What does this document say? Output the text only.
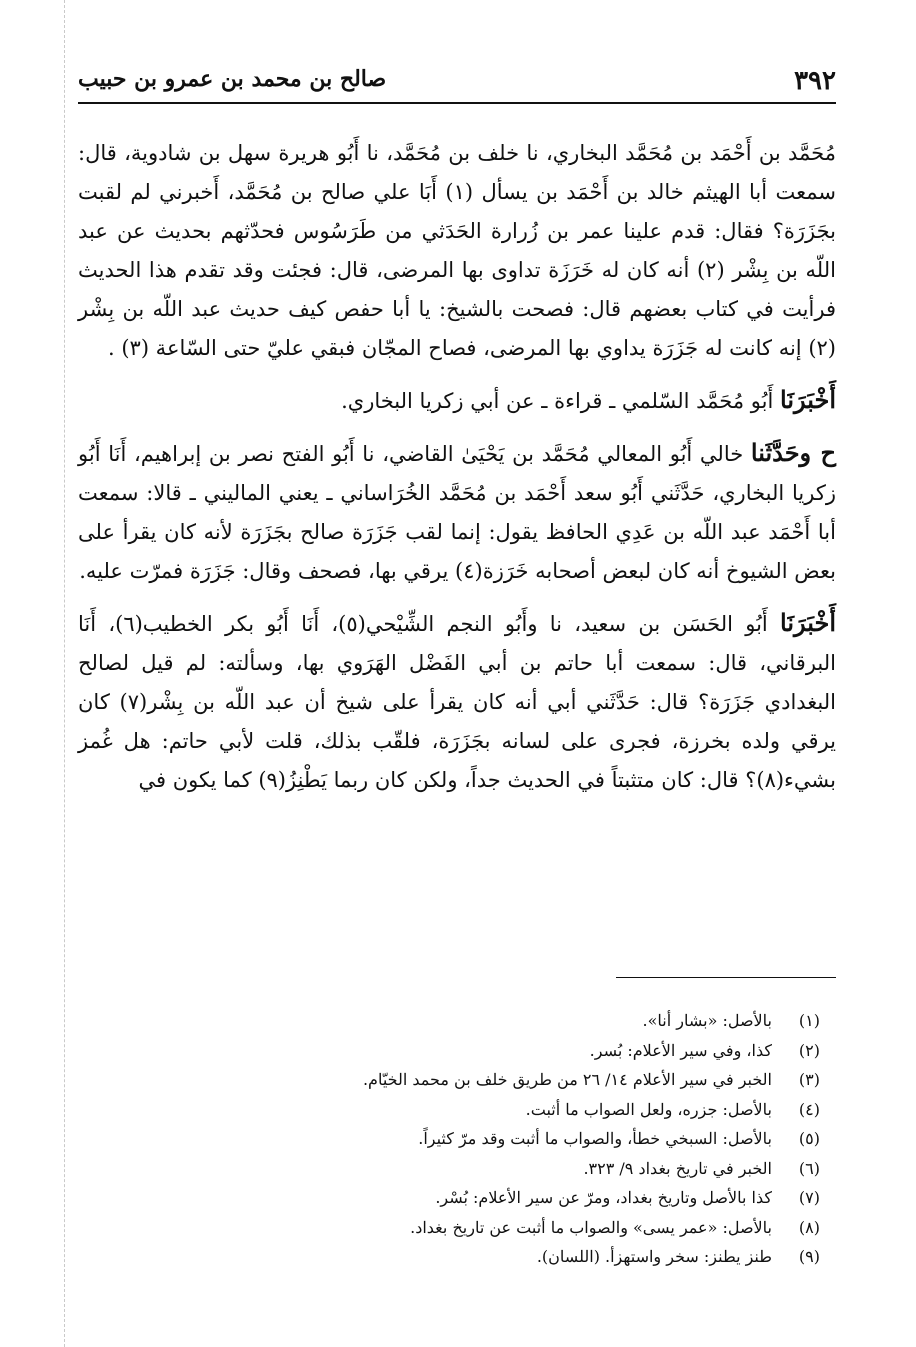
٣٩٢
صالح بن محمد بن عمرو بن حبيب

مُحَمَّد بن أَحْمَد بن مُحَمَّد البخاري، نا خلف بن مُحَمَّد، نا أَبُو هريرة سهل بن شادوية، قال: سمعت أبا الهيثم خالد بن أَحْمَد بن يسأل (١) أَبَا علي صالح بن مُحَمَّد، أَخبرني لم لقبت بجَزَرَة؟ فقال: قدم علينا عمر بن زُرارة الحَدَثي من طَرَسُوس فحدّثهم بحديث عن عبد اللّه بن بِشْر (٢) أنه كان له خَرَزَة تداوى بها المرضى، قال: فجئت وقد تقدم هذا الحديث فرأيت في كتاب بعضهم قال: فصحت بالشيخ: يا أبا حفص كيف حديث عبد اللّه بن بِشْر (٢) إنه كانت له جَزَرَة يداوي بها المرضى، فصاح المجّان فبقي عليّ حتى السّاعة (٣) .

أَخْبَرَنَا أَبُو مُحَمَّد السّلمي ـ قراءة ـ عن أبي زكريا البخاري.

ح وحَدَّثَنا خالي أَبُو المعالي مُحَمَّد بن يَحْيَىٰ القاضي، نا أَبُو الفتح نصر بن إبراهيم، أَنَا أَبُو زكريا البخاري، حَدَّثَني أَبُو سعد أَحْمَد بن مُحَمَّد الخُرَاساني ـ يعني الماليني ـ قالا: سمعت أبا أَحْمَد عبد اللّه بن عَدِي الحافظ يقول: إنما لقب جَزَرَة صالح بجَزَرَة لأنه كان يقرأ على بعض الشيوخ أنه كان لبعض أصحابه خَرَزة(٤) يرقي بها، فصحف وقال: جَزَرَة فمرّت عليه.

أَخْبَرَنَا أَبُو الحَسَن بن سعيد، نا وأَبُو النجم الشِّيْحي(٥)، أَنَا أَبُو بكر الخطيب(٦)، أَنَا البرقاني، قال: سمعت أبا حاتم بن أبي الفَضْل الهَرَوي بها، وسألته: لم قيل لصالح البغدادي جَزَرَة؟ قال: حَدَّثَني أبي أنه كان يقرأ على شيخ أن عبد اللّه بن بِشْر(٧) كان يرقي ولده بخرزة، فجرى على لسانه بجَزَرَة، فلقّب بذلك، قلت لأبي حاتم: هل غُمز بشيء(٨)؟ قال: كان متثبتاً في الحديث جداً، ولكن كان ربما يَطْنِزُ(٩) كما يكون في

(١)
بالأصل: «بشار أنا».
(٢)
كذا، وفي سير الأعلام: بُسر.
(٣)
الخبر في سير الأعلام ١٤/ ٢٦ من طريق خلف بن محمد الخيّام.
(٤)
بالأصل: جزره، ولعل الصواب ما أثبت.
(٥)
بالأصل: السبخي خطأ، والصواب ما أثبت وقد مرّ كثيراً.
(٦)
الخبر في تاريخ بغداد ٩/ ٣٢٣.
(٧)
كذا بالأصل وتاريخ بغداد، ومرّ عن سير الأعلام: بُسْر.
(٨)
بالأصل: «عمر يسى» والصواب ما أثبت عن تاريخ بغداد.
(٩)
طنز يطنز: سخر واستهزأ. (اللسان).
